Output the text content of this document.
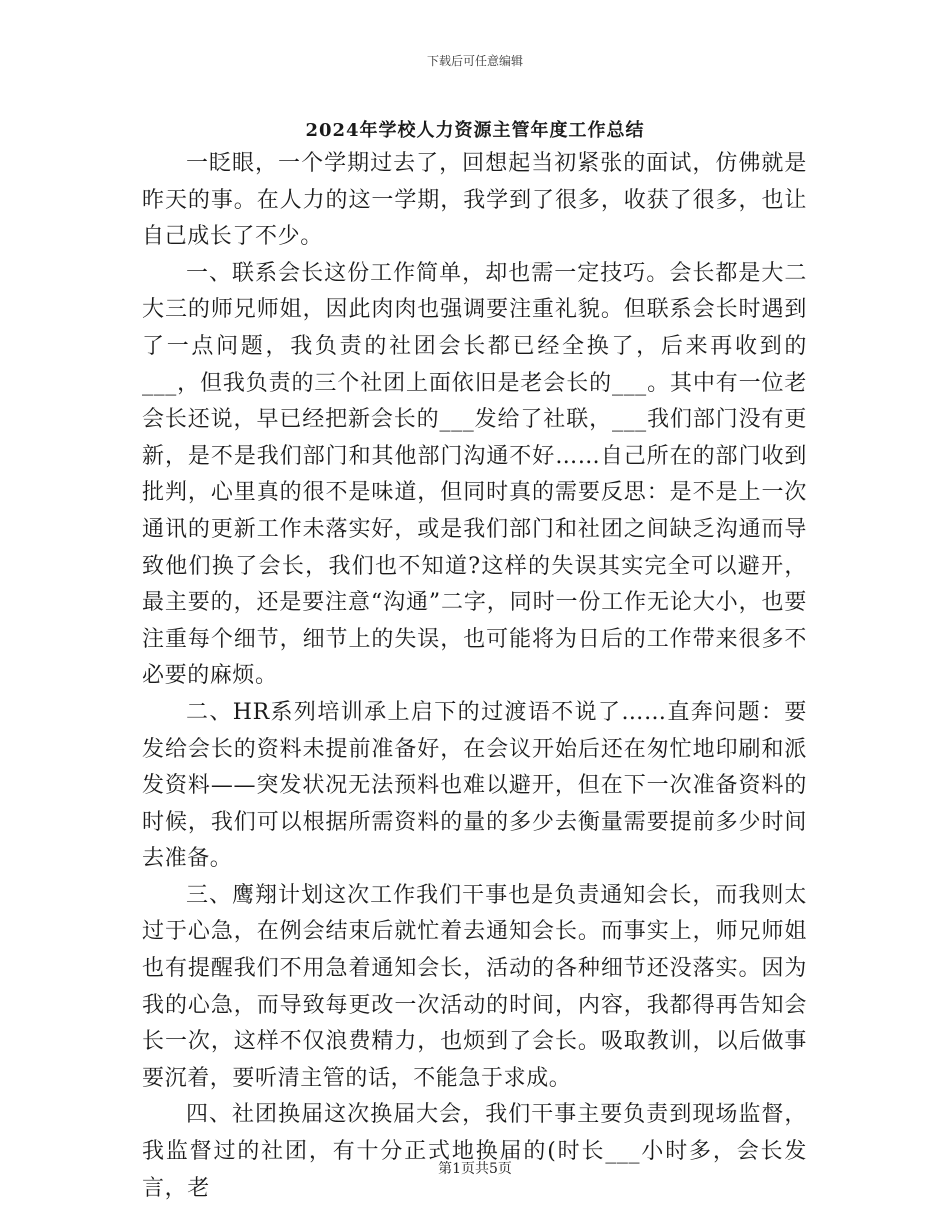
下载后可任意编辑
2024年学校人力资源主管年度工作总结

一眨眼，一个学期过去了，回想起当初紧张的面试，仿佛就是昨天的事。在人力的这一学期，我学到了很多，收获了很多，也让自己成长了不少。

一、联系会长这份工作简单，却也需一定技巧。会长都是大二大三的师兄师姐，因此肉肉也强调要注重礼貌。但联系会长时遇到了一点问题，我负责的社团会长都已经全换了，后来再收到的___，但我负责的三个社团上面依旧是老会长的___。其中有一位老会长还说，早已经把新会长的___发给了社联，___我们部门没有更新，是不是我们部门和其他部门沟通不好……自己所在的部门收到批判，心里真的很不是味道，但同时真的需要反思：是不是上一次通讯的更新工作未落实好，或是我们部门和社团之间缺乏沟通而导致他们换了会长，我们也不知道?这样的失误其实完全可以避开，最主要的，还是要注意“沟通”二字，同时一份工作无论大小，也要注重每个细节，细节上的失误，也可能将为日后的工作带来很多不必要的麻烦。

二、HR系列培训承上启下的过渡语不说了……直奔问题：要发给会长的资料未提前准备好，在会议开始后还在匆忙地印刷和派发资料——突发状况无法预料也难以避开，但在下一次准备资料的时候，我们可以根据所需资料的量的多少去衡量需要提前多少时间去准备。

三、鹰翔计划这次工作我们干事也是负责通知会长，而我则太过于心急，在例会结束后就忙着去通知会长。而事实上，师兄师姐也有提醒我们不用急着通知会长，活动的各种细节还没落实。因为我的心急，而导致每更改一次活动的时间，内容，我都得再告知会长一次，这样不仅浪费精力，也烦到了会长。吸取教训，以后做事要沉着，要听清主管的话，不能急于求成。

四、社团换届这次换届大会，我们干事主要负责到现场监督，我监督过的社团，有十分正式地换届的(时长___小时多，会长发言，老

第1页共5页
